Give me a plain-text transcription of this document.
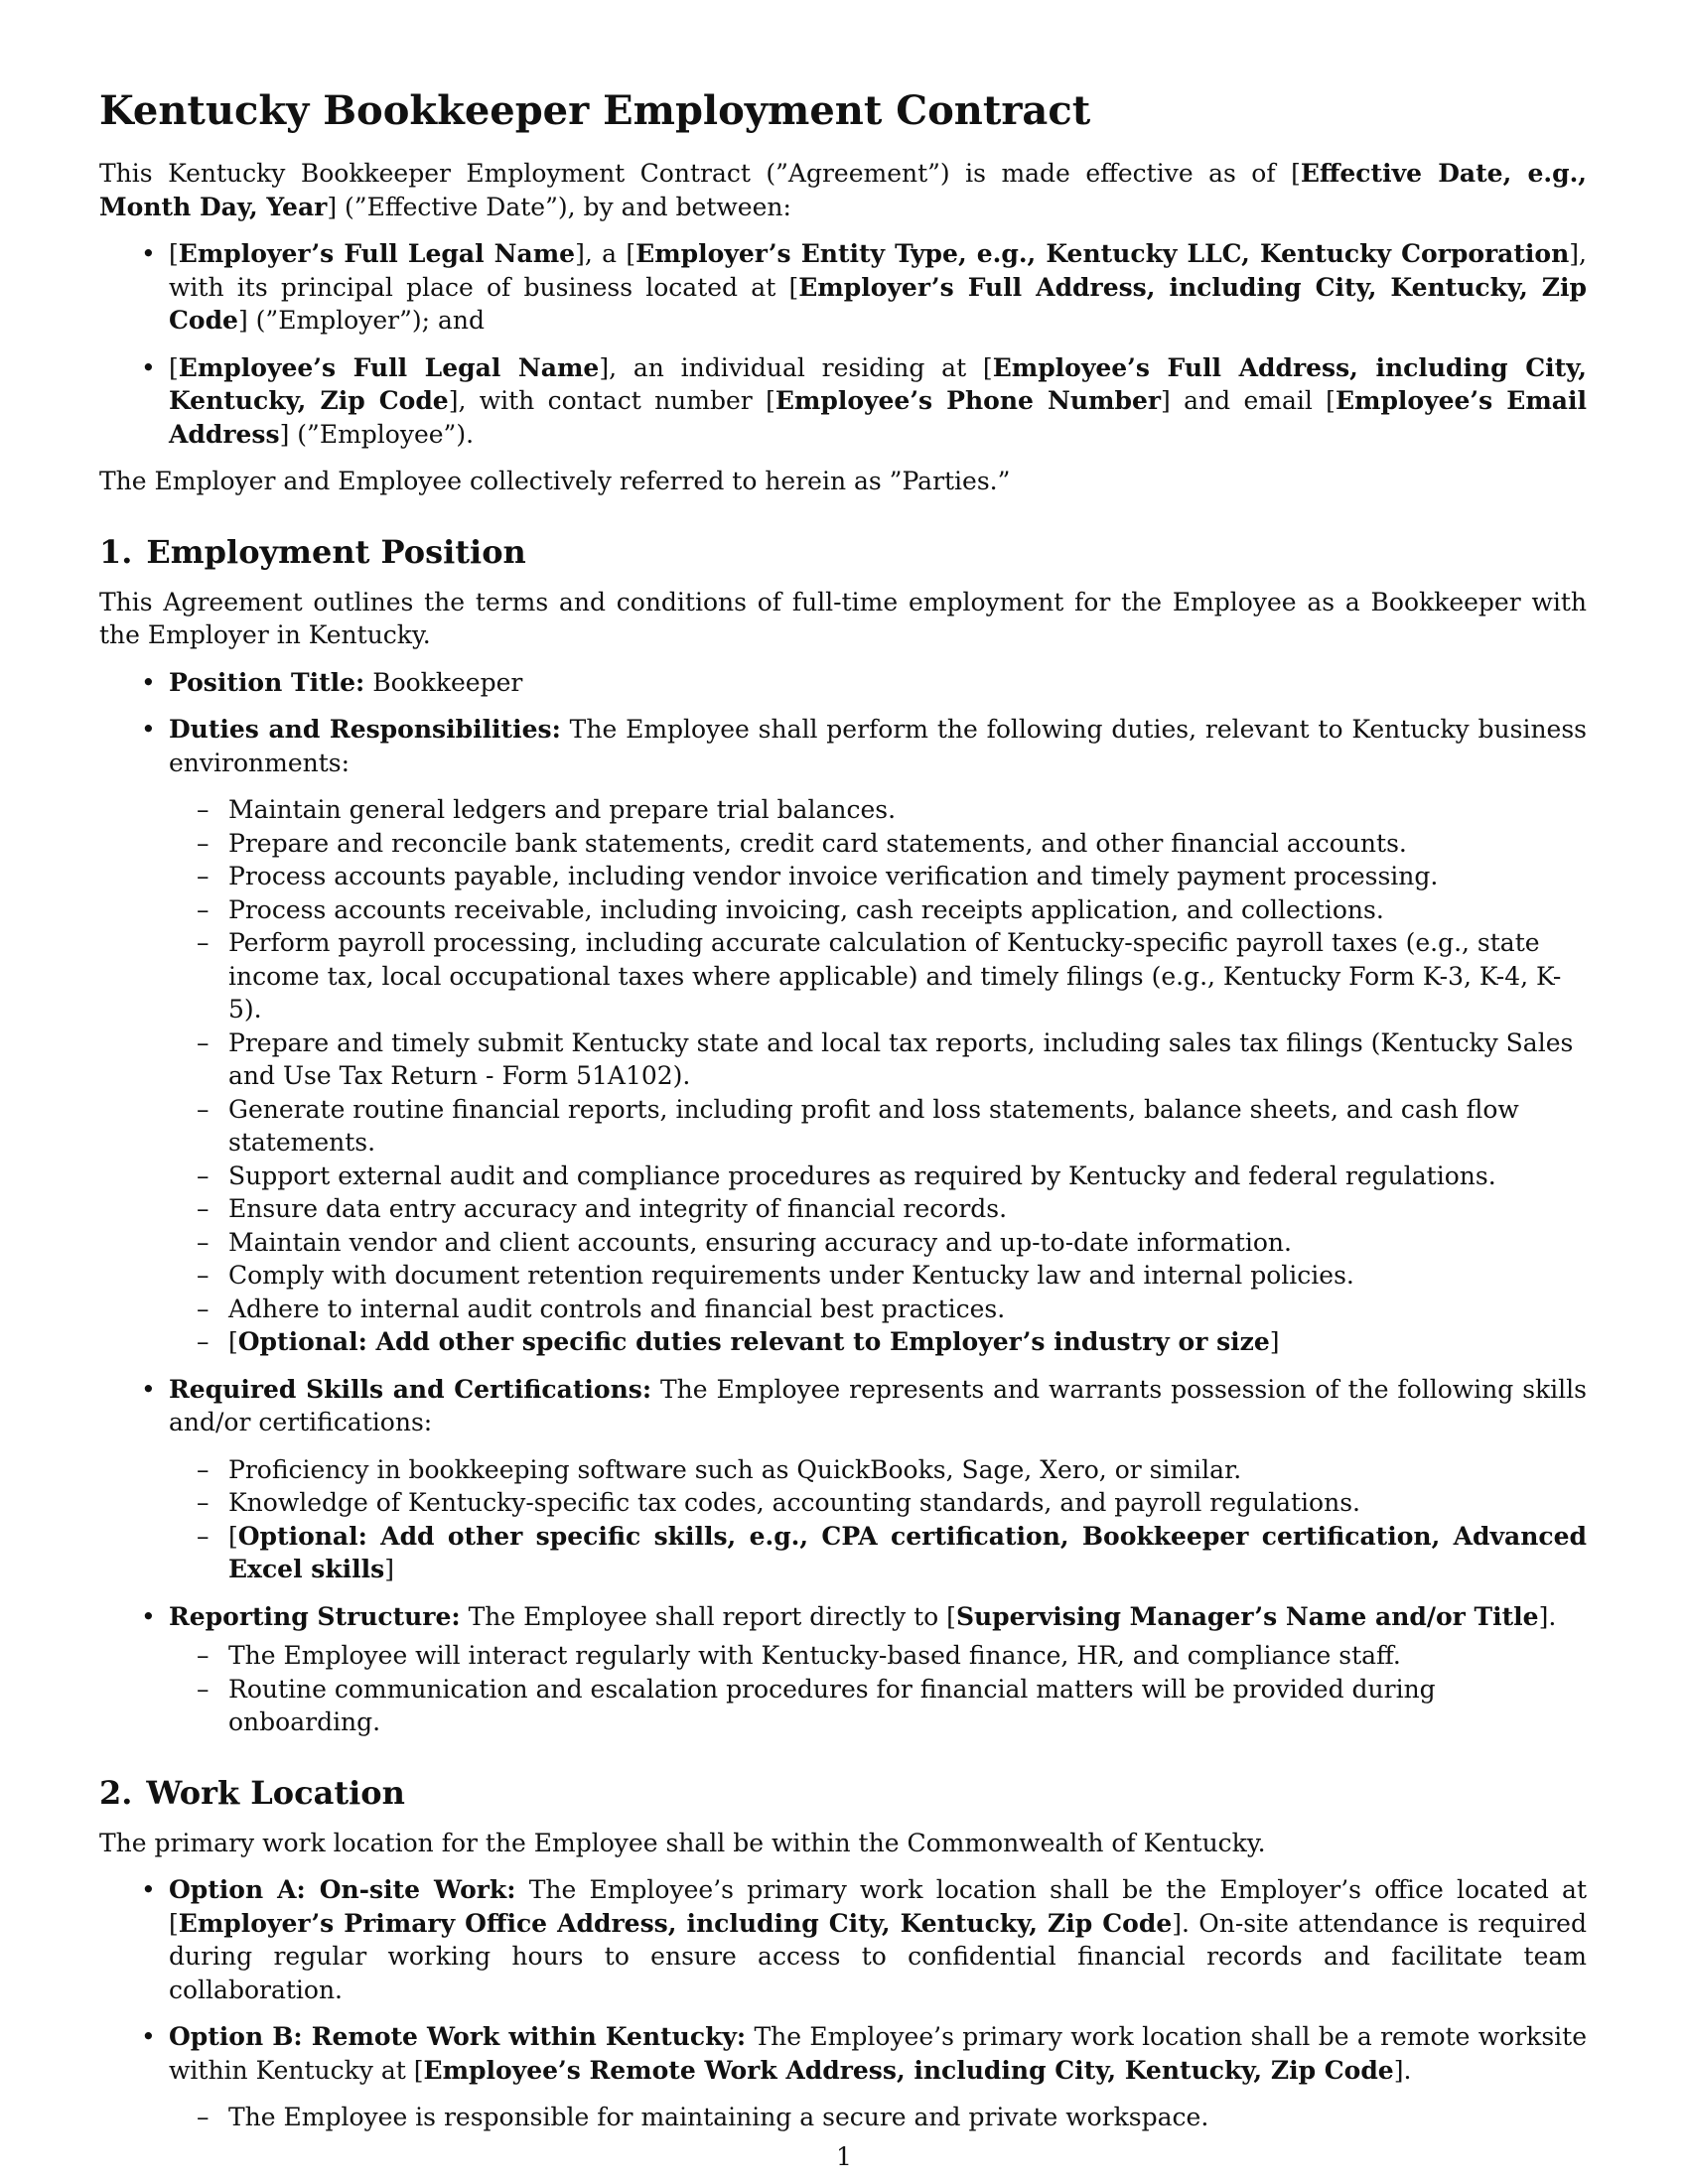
Kentucky Bookkeeper Employment Contract

This Kentucky Bookkeeper Employment Contract (”Agreement”) is made effective as of [Effective Date, e.g., Month Day, Year] (”Effective Date”), by and between:

• [Employer’s Full Legal Name], a [Employer’s Entity Type, e.g., Kentucky LLC, Kentucky Corporation], with its principal place of business located at [Employer’s Full Address, including City, Kentucky, Zip Code] (”Employer”); and
• [Employee’s Full Legal Name], an individual residing at [Employee’s Full Address, including City, Kentucky, Zip Code], with contact number [Employee’s Phone Number] and email [Employee’s Email Address] (”Employee”).

The Employer and Employee collectively referred to herein as ”Parties.”

1. Employment Position

This Agreement outlines the terms and conditions of full-time employment for the Employee as a Bookkeeper with the Employer in Kentucky.

• Position Title: Bookkeeper
• Duties and Responsibilities: The Employee shall perform the following duties, relevant to Kentucky business environments:
– Maintain general ledgers and prepare trial balances.
– Prepare and reconcile bank statements, credit card statements, and other financial accounts.
– Process accounts payable, including vendor invoice verification and timely payment processing.
– Process accounts receivable, including invoicing, cash receipts application, and collections.
– Perform payroll processing, including accurate calculation of Kentucky-specific payroll taxes (e.g., state income tax, local occupational taxes where applicable) and timely filings (e.g., Kentucky Form K-3, K-4, K-5).
– Prepare and timely submit Kentucky state and local tax reports, including sales tax filings (Kentucky Sales and Use Tax Return - Form 51A102).
– Generate routine financial reports, including profit and loss statements, balance sheets, and cash flow statements.
– Support external audit and compliance procedures as required by Kentucky and federal regulations.
– Ensure data entry accuracy and integrity of financial records.
– Maintain vendor and client accounts, ensuring accuracy and up-to-date information.
– Comply with document retention requirements under Kentucky law and internal policies.
– Adhere to internal audit controls and financial best practices.
– [Optional: Add other specific duties relevant to Employer’s industry or size]
• Required Skills and Certifications: The Employee represents and warrants possession of the following skills and/or certifications:
– Proficiency in bookkeeping software such as QuickBooks, Sage, Xero, or similar.
– Knowledge of Kentucky-specific tax codes, accounting standards, and payroll regulations.
– [Optional: Add other specific skills, e.g., CPA certification, Bookkeeper certification, Advanced Excel skills]
• Reporting Structure: The Employee shall report directly to [Supervising Manager’s Name and/or Title].
– The Employee will interact regularly with Kentucky-based finance, HR, and compliance staff.
– Routine communication and escalation procedures for financial matters will be provided during onboarding.
2. Work Location

The primary work location for the Employee shall be within the Commonwealth of Kentucky.

• Option A: On-site Work: The Employee’s primary work location shall be the Employer’s office located at [Employer’s Primary Office Address, including City, Kentucky, Zip Code]. On-site attendance is required during regular working hours to ensure access to confidential financial records and facilitate team collaboration.
• Option B: Remote Work within Kentucky: The Employee’s primary work location shall be a remote worksite within Kentucky at [Employee’s Remote Work Address, including City, Kentucky, Zip Code].
– The Employee is responsible for maintaining a secure and private workspace.
1
